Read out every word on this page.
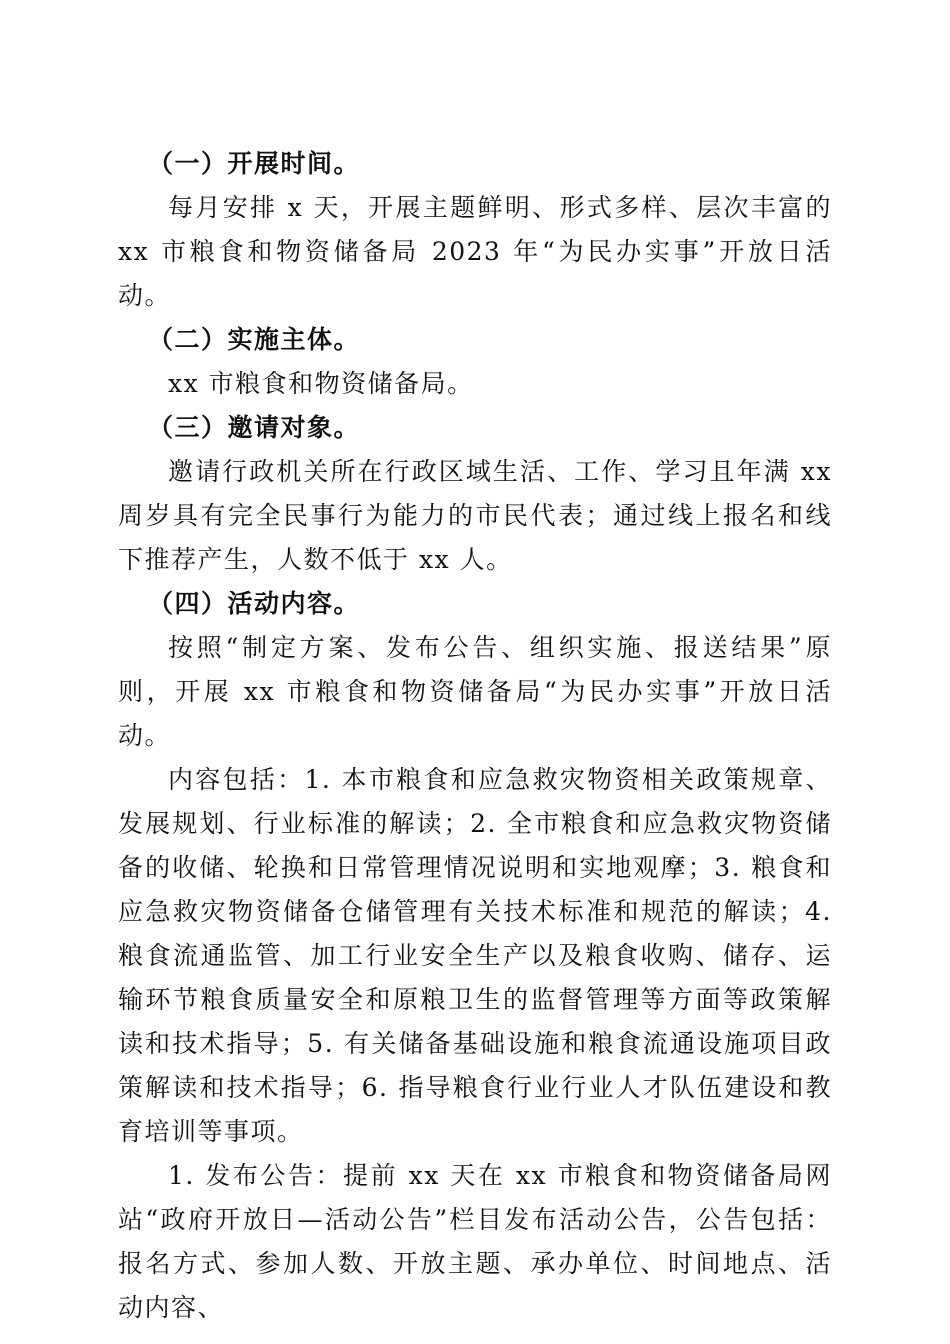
（一）开展时间。

每月安排 x 天，开展主题鲜明、形式多样、层次丰富的 xx 市粮食和物资储备局 2023 年“为民办实事”开放日活动。

（二）实施主体。

xx 市粮食和物资储备局。

（三）邀请对象。

邀请行政机关所在行政区域生活、工作、学习且年满 xx 周岁具有完全民事行为能力的市民代表；通过线上报名和线下推荐产生，人数不低于 xx 人。

（四）活动内容。

按照“制定方案、发布公告、组织实施、报送结果”原则，开展 xx 市粮食和物资储备局“为民办实事”开放日活动。

内容包括：1. 本市粮食和应急救灾物资相关政策规章、发展规划、行业标准的解读；2. 全市粮食和应急救灾物资储备的收储、轮换和日常管理情况说明和实地观摩；3. 粮食和应急救灾物资储备仓储管理有关技术标准和规范的解读；4. 粮食流通监管、加工行业安全生产以及粮食收购、储存、运输环节粮食质量安全和原粮卫生的监督管理等方面等政策解读和技术指导；5. 有关储备基础设施和粮食流通设施项目政策解读和技术指导；6. 指导粮食行业行业人才队伍建设和教育培训等事项。

1. 发布公告：提前 xx 天在 xx 市粮食和物资储备局网站“政府开放日—活动公告”栏目发布活动公告，公告包括：报名方式、参加人数、开放主题、承办单位、时间地点、活动内容、
